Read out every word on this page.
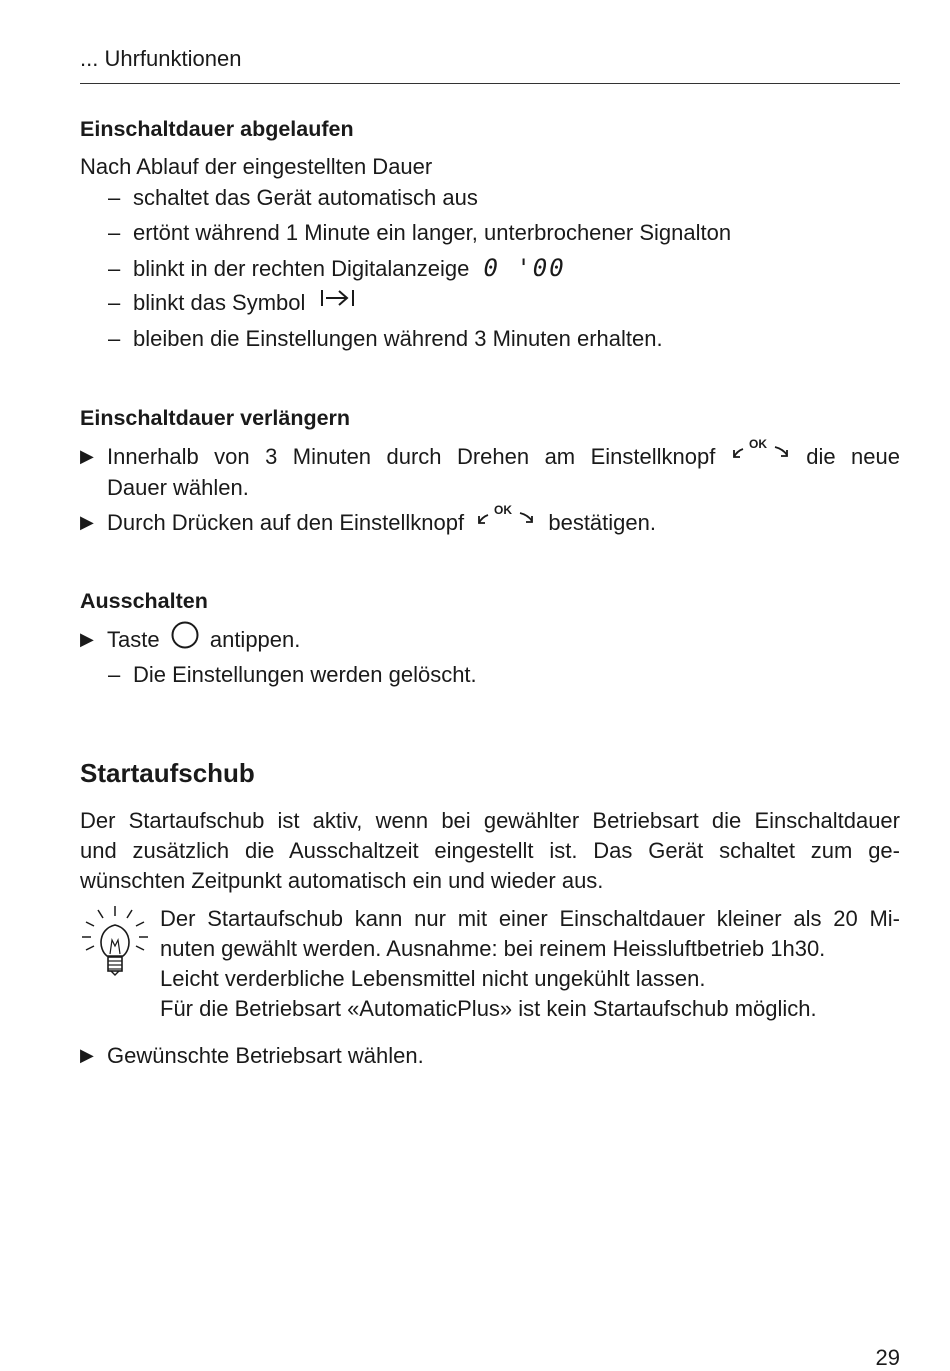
... Uhrfunktionen
Einschaltdauer abgelaufen
Nach Ablauf der eingestellten Dauer
– schaltet das Gerät automatisch aus
– ertönt während 1 Minute ein langer, unterbrochener Signalton
– blinkt in der rechten Digitalanzeige 0 '00
– blinkt das Symbol
– bleiben die Einstellungen während 3 Minuten erhalten.
Einschaltdauer verlängern
▶ Innerhalb von 3 Minuten durch Drehen am Einstellknopf	OK die neue
Dauer wählen.
▶ Durch Drücken auf den Einstellknopf	OK bestätigen.
Ausschalten
▶ Taste antippen.
– Die Einstellungen werden gelöscht.
Startaufschub
Der Startaufschub ist aktiv, wenn bei gewählter Betriebsart die Einschaltdauer
und zusätzlich die Ausschaltzeit eingestellt ist. Das Gerät schaltet zum ge-
wünschten Zeitpunkt automatisch ein und wieder aus.
Der Startaufschub kann nur mit einer Einschaltdauer kleiner als 20 Mi-
nuten gewählt werden. Ausnahme: bei reinem Heissluftbetrieb 1h30.
Leicht verderbliche Lebensmittel nicht ungekühlt lassen.
Für die Betriebsart «AutomaticPlus» ist kein Startaufschub möglich.
▶ Gewünschte Betriebsart wählen.
29
